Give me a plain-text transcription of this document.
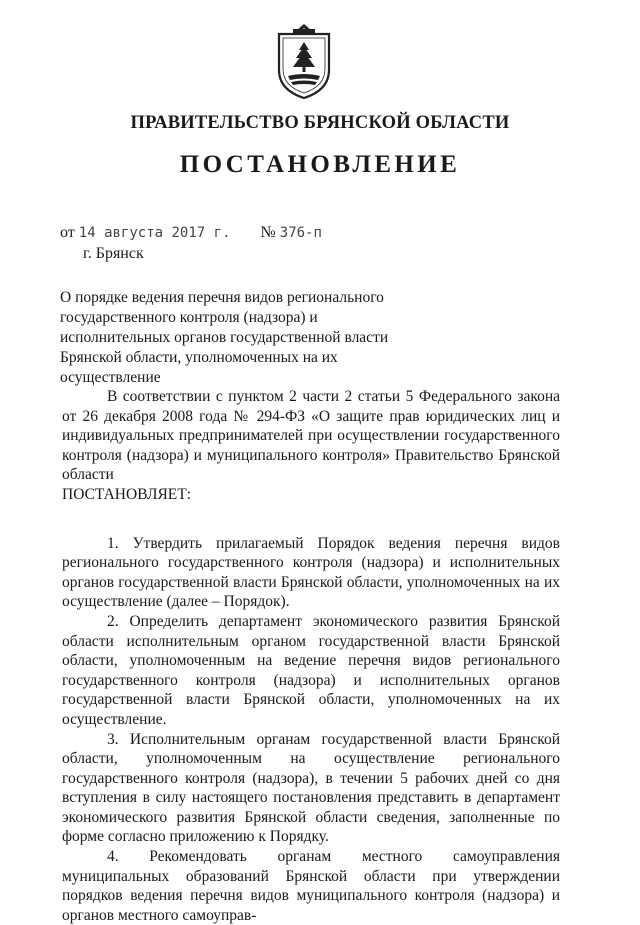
ПРАВИТЕЛЬСТВО БРЯНСКОЙ ОБЛАСТИ
ПОСТАНОВЛЕНИЕ
от 14 августа 2017 г. № 376-п
г. Брянск
О порядке ведения перечня видов регионального государственного контроля (надзора) и исполнительных органов государственной власти Брянской области, уполномоченных на их осуществление

В соответствии с пунктом 2 части 2 статьи 5 Федерального закона от 26 декабря 2008 года № 294-ФЗ «О защите прав юридических лиц и индивидуальных предпринимателей при осуществлении государственного контроля (надзора) и муниципального контроля» Правительство Брянской области

ПОСТАНОВЛЯЕТ:

1. Утвердить прилагаемый Порядок ведения перечня видов регионального государственного контроля (надзора) и исполнительных органов государственной власти Брянской области, уполномоченных на их осуществление (далее – Порядок).

2. Определить департамент экономического развития Брянской области исполнительным органом государственной власти Брянской области, уполномоченным на ведение перечня видов регионального государственного контроля (надзора) и исполнительных органов государственной власти Брянской области, уполномоченных на их осуществление.

3. Исполнительным органам государственной власти Брянской области, уполномоченным на осуществление регионального государственного контроля (надзора), в течении 5 рабочих дней со дня вступления в силу настоящего постановления представить в департамент экономического развития Брянской области сведения, заполненные по форме согласно приложению к Порядку.

4. Рекомендовать органам местного самоуправления муниципальных образований Брянской области при утверждении порядков ведения перечня видов муниципального контроля (надзора) и органов местного самоуправ-
